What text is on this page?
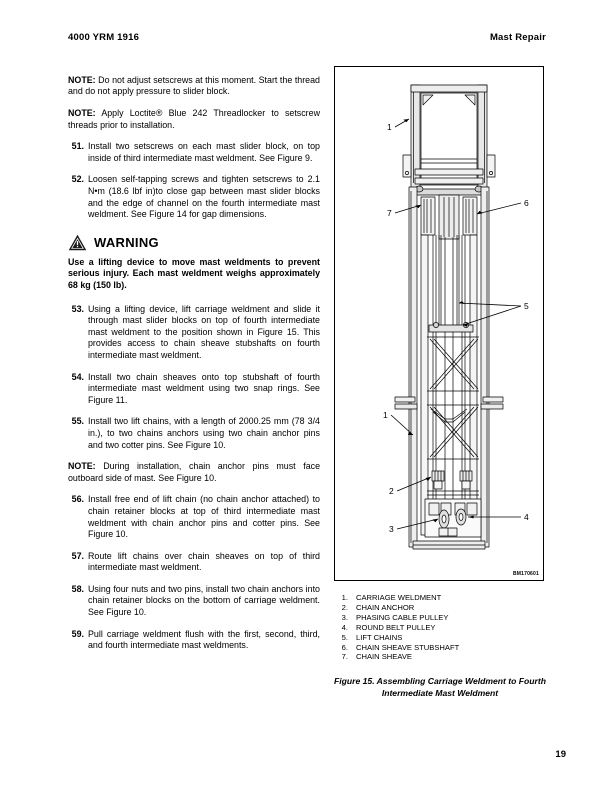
4000 YRM 1916	Mast Repair

NOTE: Do not adjust setscrews at this moment. Start the thread and do not apply pressure to slider block.

NOTE: Apply Loctite® Blue 242 Threadlocker to setscrew threads prior to installation.

51. Install two setscrews on each mast slider block, on top inside of third intermediate mast weldment. See Figure 9.
52. Loosen self-tapping screws and tighten setscrews to 2.1 N•m (18.6 lbf in)to close gap between mast slider blocks and the edge of channel on the fourth intermediate mast weldment. See Figure 14 for gap dimensions.
WARNING
Use a lifting device to move mast weldments to prevent serious injury. Each mast weldment weighs approximately 68 kg (150 lb).
53. Using a lifting device, lift carriage weldment and slide it through mast slider blocks on top of fourth intermediate mast weldment to the position shown in Figure 15. This provides access to chain sheave stubshafts on fourth intermediate mast weldment.
54. Install two chain sheaves onto top stubshaft of fourth intermediate mast weldment using two snap rings. See Figure 11.
55. Install two lift chains, with a length of 2000.25 mm (78 3/4 in.), to two chains anchors using two chain anchor pins and two cotter pins. See Figure 10.

NOTE: During installation, chain anchor pins must face outboard side of mast. See Figure 10.

56. Install free end of lift chain (no chain anchor attached) to chain retainer blocks at top of third intermediate mast weldment with chain anchor pins and cotter pins. See Figure 10.
57. Route lift chains over chain sheaves on top of third intermediate mast weldment.
58. Using four nuts and two pins, install two chain anchors into chain retainer blocks on the bottom of carriage weldment. See Figure 10.
59. Pull carriage weldment flush with the first, second, third, and fourth intermediate mast weldments.
1
7
6
5
1
2
3
4
BM170601
1.	CARRIAGE WELDMENT
2.	CHAIN ANCHOR
3.	PHASING CABLE PULLEY
4.	ROUND BELT PULLEY
5.	LIFT CHAINS
6.	CHAIN SHEAVE STUBSHAFT
7.	CHAIN SHEAVE
Figure 15. Assembling Carriage Weldment to Fourth Intermediate Mast Weldment
19
